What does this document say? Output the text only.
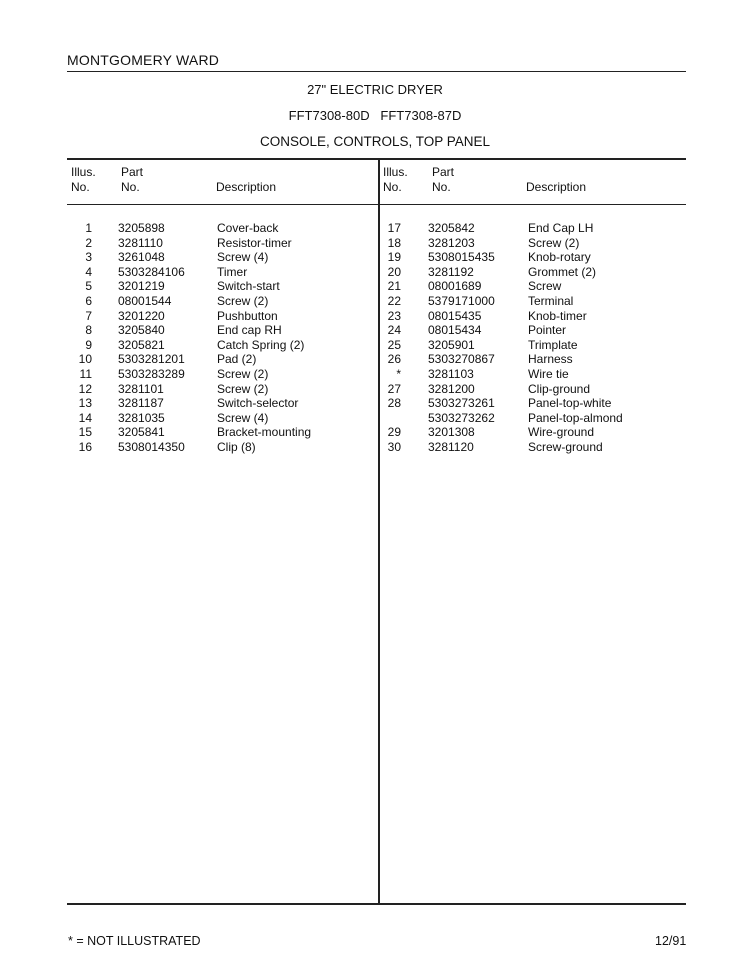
MONTGOMERY WARD
27" ELECTRIC DRYER
FFT7308-80D   FFT7308-87D
CONSOLE, CONTROLS, TOP PANEL
Illus.
No.
Part
No.	Description
Illus.
No.
Part
No.	Description
1 3205898	Cover-back
2 3281110	Resistor-timer
3 3261048	Screw (4)
4 5303284106	Timer
5 3201219	Switch-start
6 08001544	Screw (2)
7 3201220	Pushbutton
8 3205840	End cap RH
9 3205821	Catch Spring (2)
10 5303281201	Pad (2)
11 5303283289	Screw (2)
12 3281101	Screw (2)
13 3281187	Switch-selector
14 3281035	Screw (4)
15 3205841	Bracket-mounting
16 5308014350	Clip (8)
17 3205842	End Cap LH
18 3281203	Screw (2)
19 5308015435	Knob-rotary
20 3281192	Grommet (2)
21 08001689	Screw
22 5379171000	Terminal
23 08015435	Knob-timer
24 08015434	Pointer
25 3205901	Trimplate
26 5303270867	Harness
* 3281103	Wire tie
27 3281200	Clip-ground
28 5303273261	Panel-top-white
5303273262	Panel-top-almond
29 3201308	Wire-ground
30 3281120	Screw-ground
* = NOT ILLUSTRATED	12/91
